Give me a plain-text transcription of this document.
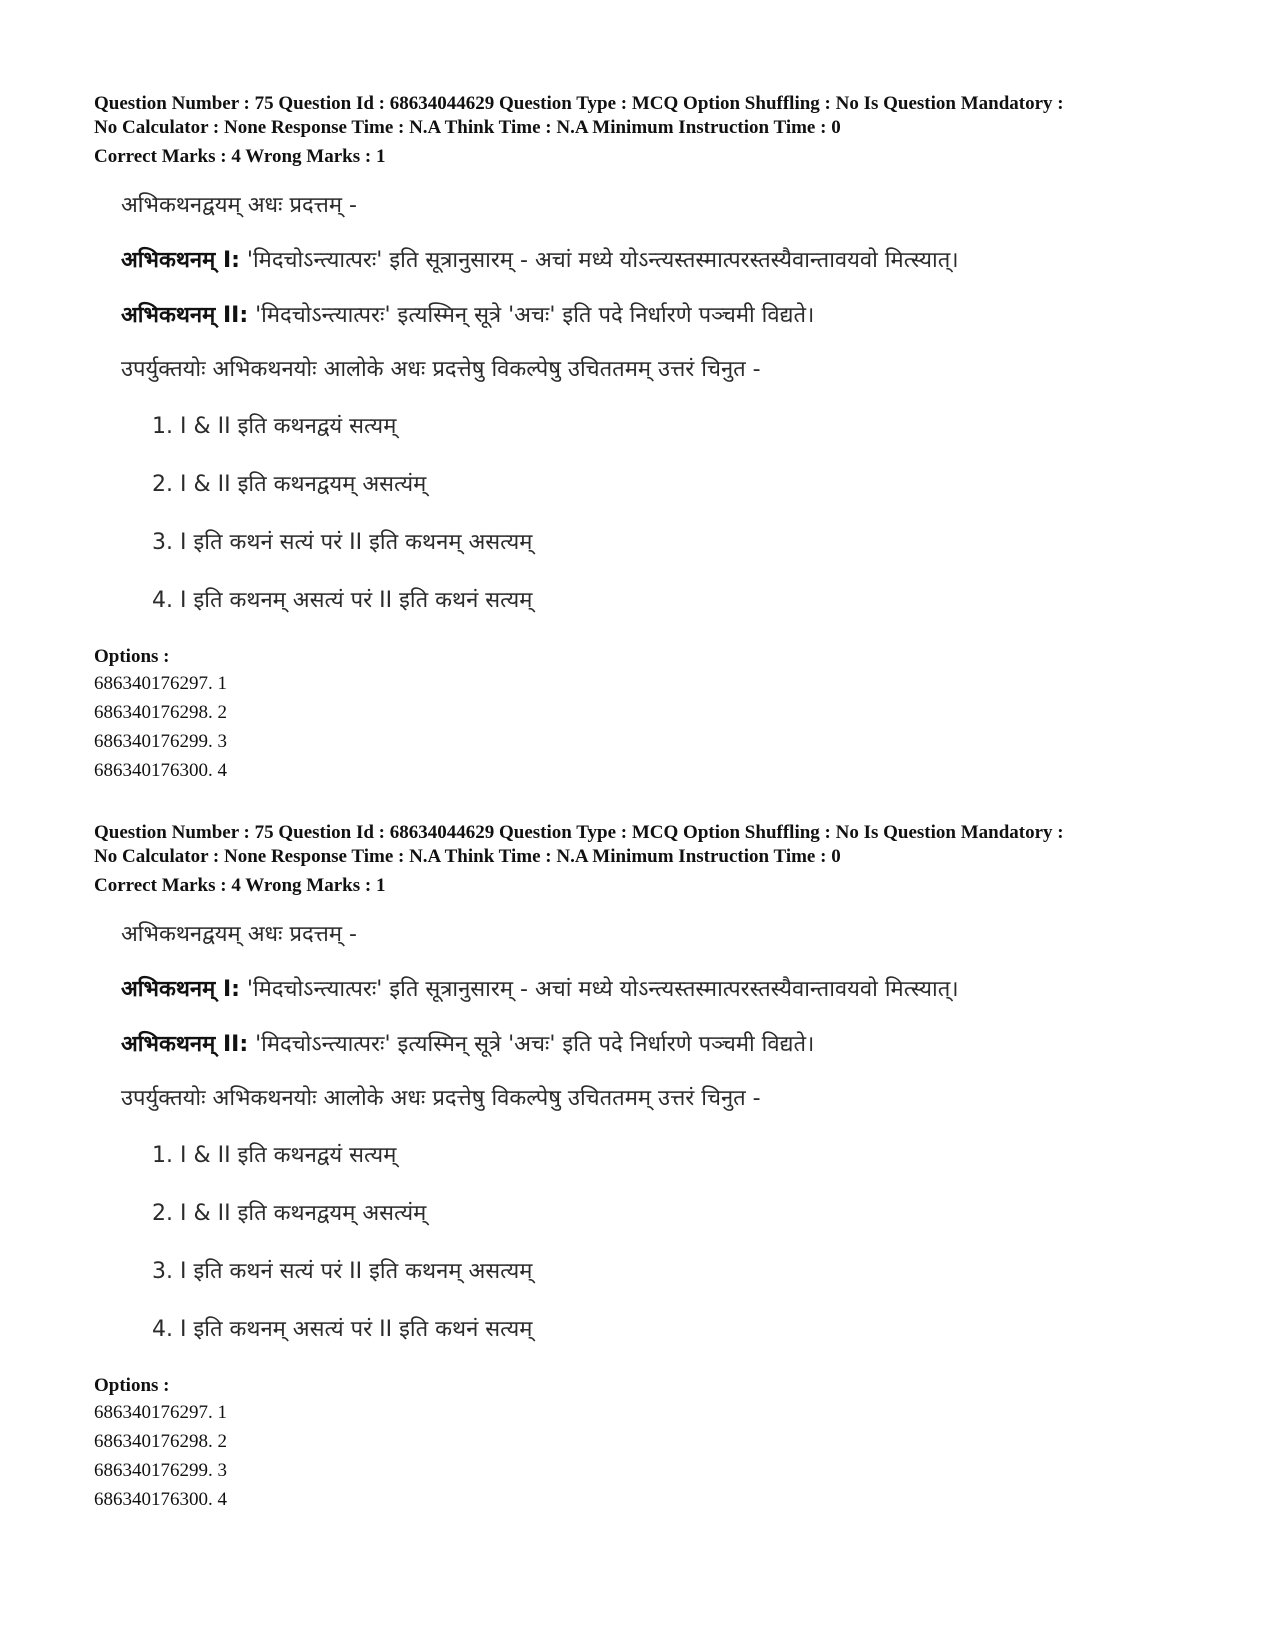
Question Number : 75 Question Id : 68634044629 Question Type : MCQ Option Shuffling : No Is Question Mandatory :

No Calculator : None Response Time : N.A Think Time : N.A Minimum Instruction Time : 0

Correct Marks : 4 Wrong Marks : 1

अभिकथनद्वयम् अधः प्रदत्तम् -
अभिकथनम् I: 'मिदचोऽन्त्यात्परः' इति सूत्रानुसारम् - अचां मध्ये योऽन्त्यस्तस्मात्परस्तस्यैवान्तावयवो मित्स्यात्।
अभिकथनम् II: 'मिदचोऽन्त्यात्परः' इत्यस्मिन् सूत्रे 'अचः' इति पदे निर्धारणे पञ्चमी विद्यते।
उपर्युक्तयोः अभिकथनयोः आलोके अधः प्रदत्तेषु विकल्पेषु उचिततमम् उत्तरं चिनुत -
1. I & II इति कथनद्वयं सत्यम्
2. I & II इति कथनद्वयम् असत्यंम्
3. I इति कथनं सत्यं परं II इति कथनम् असत्यम्
4. I इति कथनम् असत्यं परं II इति कथनं सत्यम्
Options :
686340176297. 1
686340176298. 2
686340176299. 3
686340176300. 4

Question Number : 75 Question Id : 68634044629 Question Type : MCQ Option Shuffling : No Is Question Mandatory :

No Calculator : None Response Time : N.A Think Time : N.A Minimum Instruction Time : 0

Correct Marks : 4 Wrong Marks : 1

अभिकथनद्वयम् अधः प्रदत्तम् -
अभिकथनम् I: 'मिदचोऽन्त्यात्परः' इति सूत्रानुसारम् - अचां मध्ये योऽन्त्यस्तस्मात्परस्तस्यैवान्तावयवो मित्स्यात्।
अभिकथनम् II: 'मिदचोऽन्त्यात्परः' इत्यस्मिन् सूत्रे 'अचः' इति पदे निर्धारणे पञ्चमी विद्यते।
उपर्युक्तयोः अभिकथनयोः आलोके अधः प्रदत्तेषु विकल्पेषु उचिततमम् उत्तरं चिनुत -
1. I & II इति कथनद्वयं सत्यम्
2. I & II इति कथनद्वयम् असत्यंम्
3. I इति कथनं सत्यं परं II इति कथनम् असत्यम्
4. I इति कथनम् असत्यं परं II इति कथनं सत्यम्
Options :
686340176297. 1
686340176298. 2
686340176299. 3
686340176300. 4
